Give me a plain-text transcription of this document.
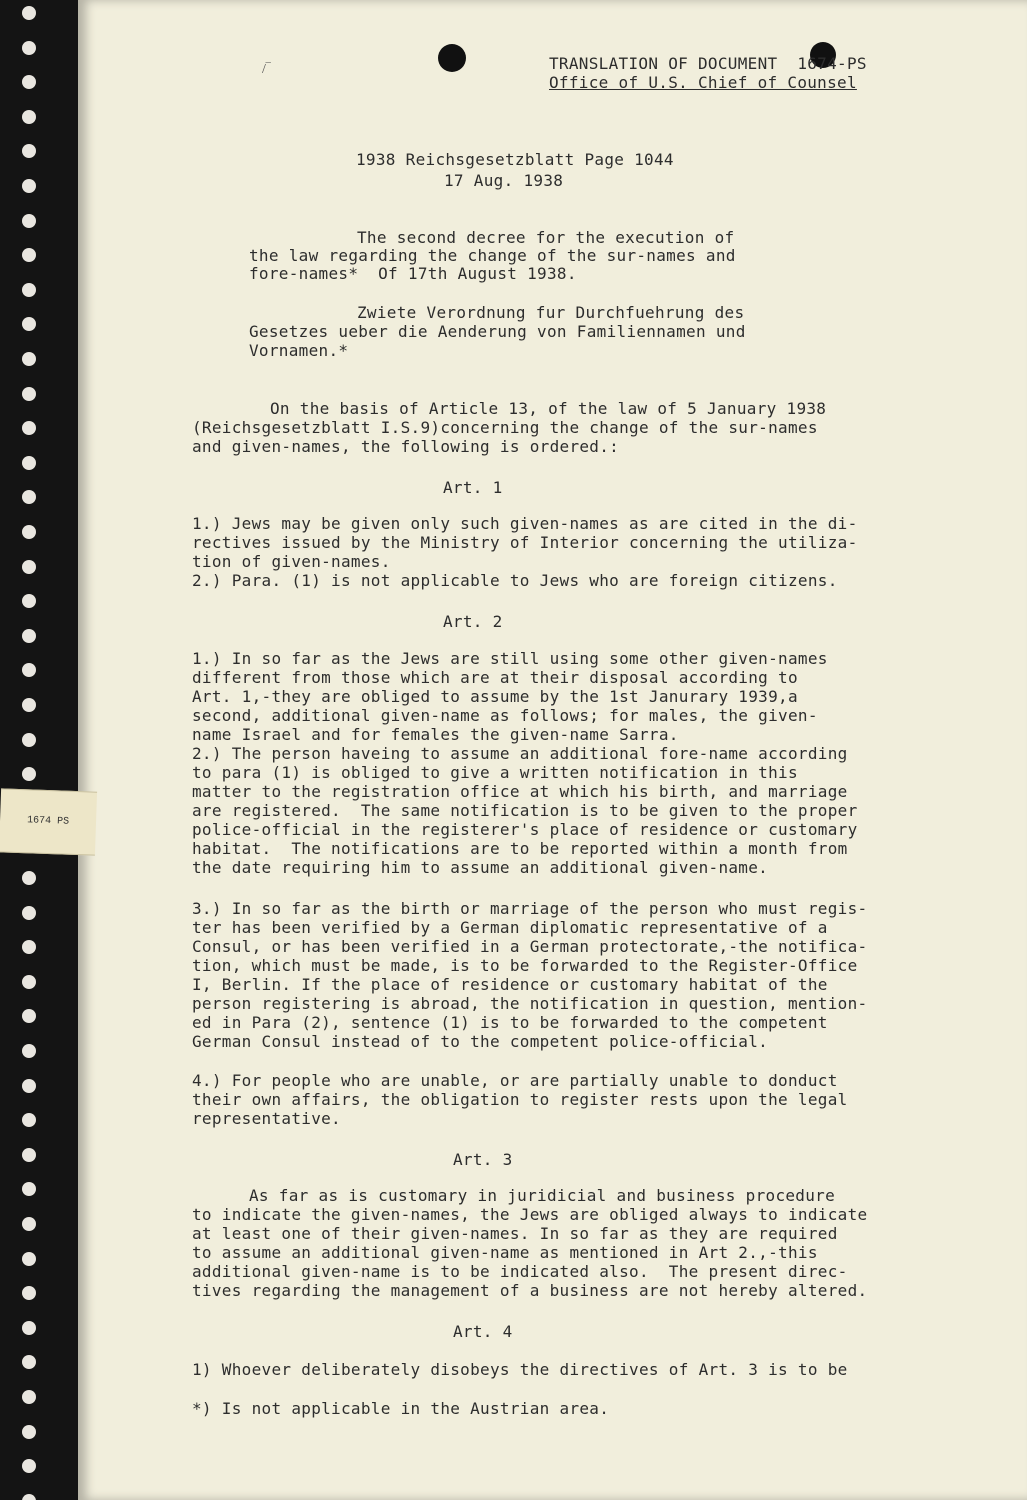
/‾

	TRANSLATION OF DOCUMENT  1674-PS

Office of U.S. Chief of Counsel

1938 Reichsgesetzblatt Page 1044

17 Aug. 1938

The second decree for the execution of

the law regarding the change of the sur-names and

fore-names*  Of 17th August 1938.

Zwiete Verordnung fur Durchfuehrung des

Gesetzes ueber die Aenderung von Familiennamen und

Vornamen.*

On the basis of Article 13, of the law of 5 January 1938

(Reichsgesetzblatt I.S.9)concerning the change of the sur-names

and given-names, the following is ordered.:

Art. 1

1.) Jews may be given only such given-names as are cited in the di-

rectives issued by the Ministry of Interior concerning the utiliza-

tion of given-names.

2.) Para. (1) is not applicable to Jews who are foreign citizens.

Art. 2

1.) In so far as the Jews are still using some other given-names

different from those which are at their disposal according to

Art. 1,-they are obliged to assume by the 1st Janurary 1939,a

second, additional given-name as follows; for males, the given-

name Israel and for females the given-name Sarra.

2.) The person haveing to assume an additional fore-name according

to para (1) is obliged to give a written notification in this

matter to the registration office at which his birth, and marriage

are registered.  The same notification is to be given to the proper

police-official in the registerer's place of residence or customary

habitat.  The notifications are to be reported within a month from

the date requiring him to assume an additional given-name.

3.) In so far as the birth or marriage of the person who must regis-

ter has been verified by a German diplomatic representative of a

Consul, or has been verified in a German protectorate,-the notifica-

tion, which must be made, is to be forwarded to the Register-Office

I, Berlin. If the place of residence or customary habitat of the

person registering is abroad, the notification in question, mention-

ed in Para (2), sentence (1) is to be forwarded to the competent

German Consul instead of to the competent police-official.

4.) For people who are unable, or are partially unable to donduct

their own affairs, the obligation to register rests upon the legal

representative.

Art. 3

As far as is customary in juridicial and business procedure

to indicate the given-names, the Jews are obliged always to indicate

at least one of their given-names. In so far as they are required

to assume an additional given-name as mentioned in Art 2.,-this

additional given-name is to be indicated also.  The present direc-

tives regarding the management of a business are not hereby altered.

Art. 4

1) Whoever deliberately disobeys the directives of Art. 3 is to be

*) Is not applicable in the Austrian area.

1674 PS
